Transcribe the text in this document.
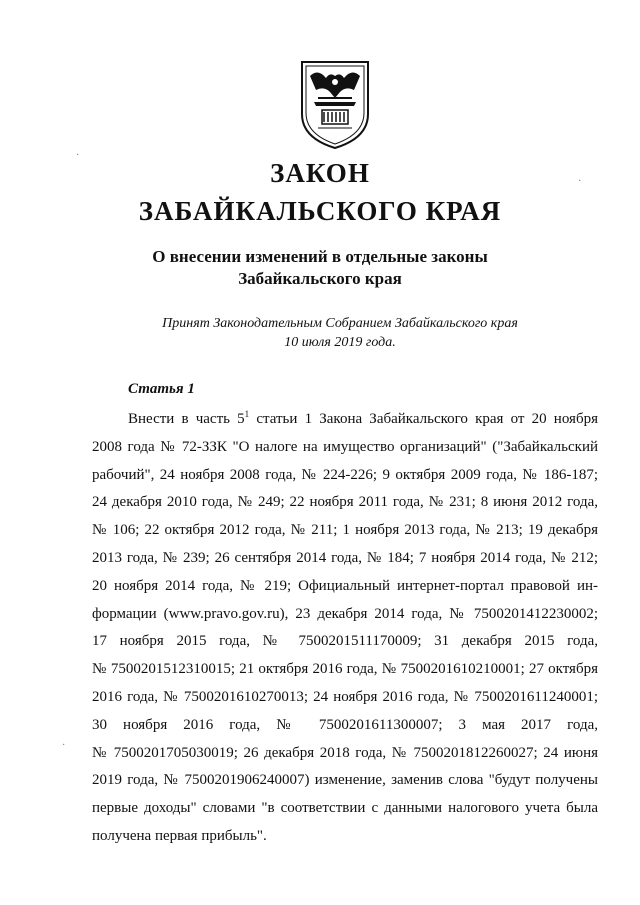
ЗАКОН
ЗАБАЙКАЛЬСКОГО КРАЯ
О внесении изменений в отдельные законы
Забайкальского края
Принят Законодательным Собранием Забайкальского края
10 июля 2019 года.
Статья 1
Внести в часть $5^1$ статьи 1 Закона Забайкальского края от 20 ноября
2008 года № 72-ЗЗК "О налоге на имущество организаций" ("Забайкальский
рабочий", 24 ноября 2008 года, № 224-226; 9 октября 2009 года, № 186-187;
24 декабря 2010 года, № 249; 22 ноября 2011 года, № 231; 8 июня 2012 года,
№ 106; 22 октября 2012 года, № 211; 1 ноября 2013 года, № 213; 19 декабря
2013 года, № 239; 26 сентября 2014 года, № 184; 7 ноября 2014 года, № 212;
20 ноября 2014 года, № 219; Официальный интернет-портал правовой ин-
формации (www.pravo.gov.ru), 23 декабря 2014 года, № 7500201412230002;
17 ноября 2015 года, № 7500201511170009; 31 декабря 2015 года,
№ 7500201512310015; 21 октября 2016 года, № 7500201610210001; 27 октября
2016 года, № 7500201610270013; 24 ноября 2016 года, № 7500201611240001;
30 ноября 2016 года, № 7500201611300007; 3 мая 2017 года,
№ 7500201705030019; 26 декабря 2018 года, № 7500201812260027; 24 июня
2019 года, № 7500201906240007) изменение, заменив слова "будут получены
первые доходы" словами "в соответствии с данными налогового учета была
получена первая прибыль".
·
·
·
